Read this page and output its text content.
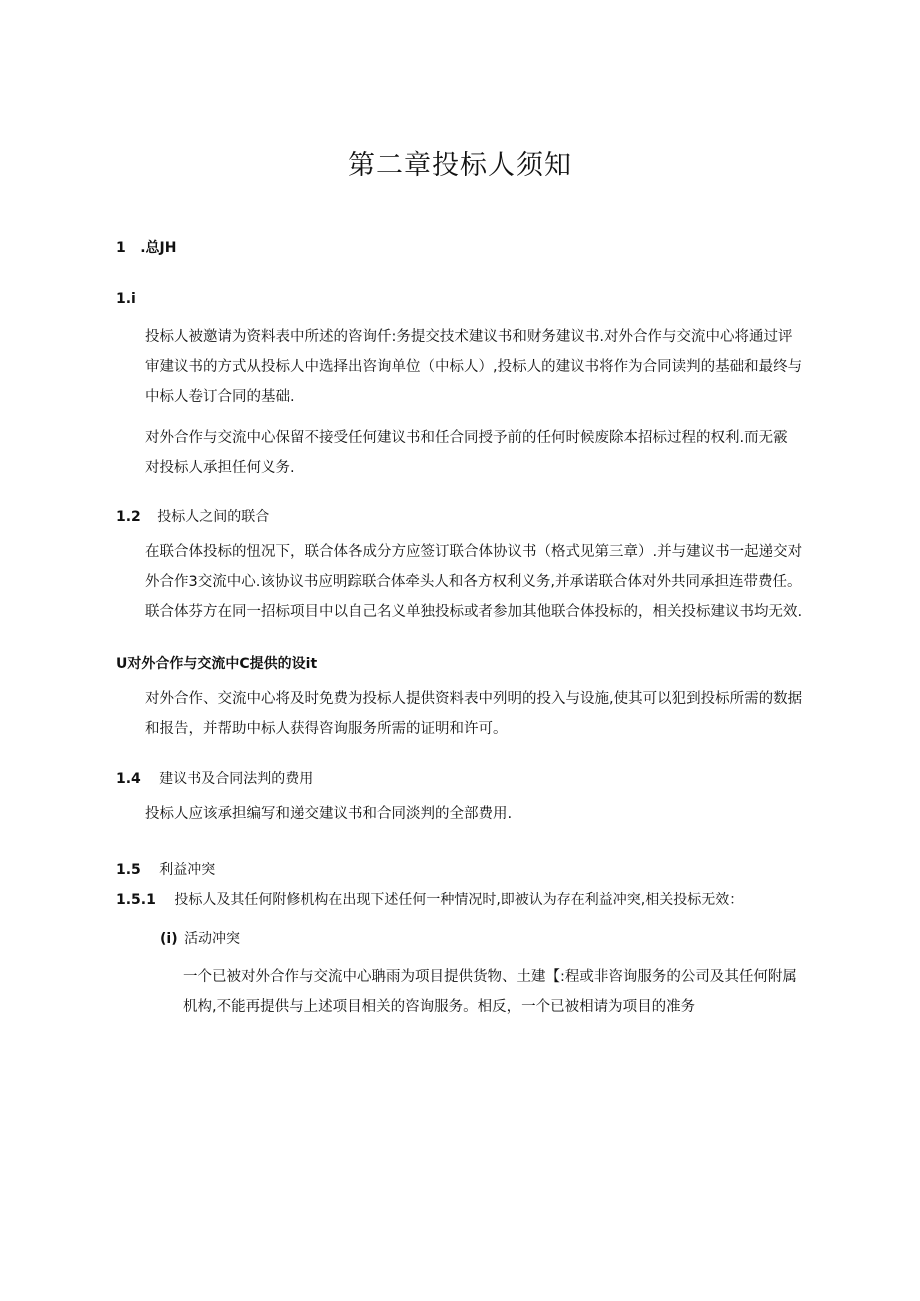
第二章投标人须知
1 .总JH
1.i
投标人被邀请为资料表中所述的咨询仟:务提交技术建议书和财务建议书.对外合作与交流中心将通过评
审建议书的方式从投标人中选择出咨询单位（中标人）,投标人的建议书将作为合同读判的基础和最终与
中标人卷订合同的基础.
对外合作与交流中心保留不接受任何建议书和任合同授予前的任何时候废除本招标过程的权利.而无霰
对投标人承担任何义务.
1.2 投标人之间的联合
在联合体投标的忸况下，联合体各成分方应签订联合体协议书（格式见第三章）.并与建议书一起递交对
外合作3交流中心.该协议书应明踪联合体牵头人和各方权利义务,并承诺联合体对外共同承担连带费任。
联合体芬方在同一招标项目中以自己名义单独投标或者参加其他联合体投标的，相关投标建议书均无效.
U对外合作与交流中C提供的设it
对外合作、交流中心将及时免费为投标人提供资料表中列明的投入与设施,使其可以犯到投标所需的数据
和报告，并帮助中标人获得咨询服务所需的证明和许可。
1.4 建议书及合同法判的费用
投标人应该承担编写和递交建议书和合同淡判的全部费用.
1.5 利益冲突
1.5.1 投标人及其任何附修机构在出现下述任何一种情况时,即被认为存在利益冲突,相关投标无效：
(i) 活动冲突
一个已被对外合作与交流中心聃雨为项目提供货物、土建【:程或非咨询服务的公司及其任何附属
机构,不能再提供与上述项目相关的咨询服务。相反，一个已被相请为项目的准务
